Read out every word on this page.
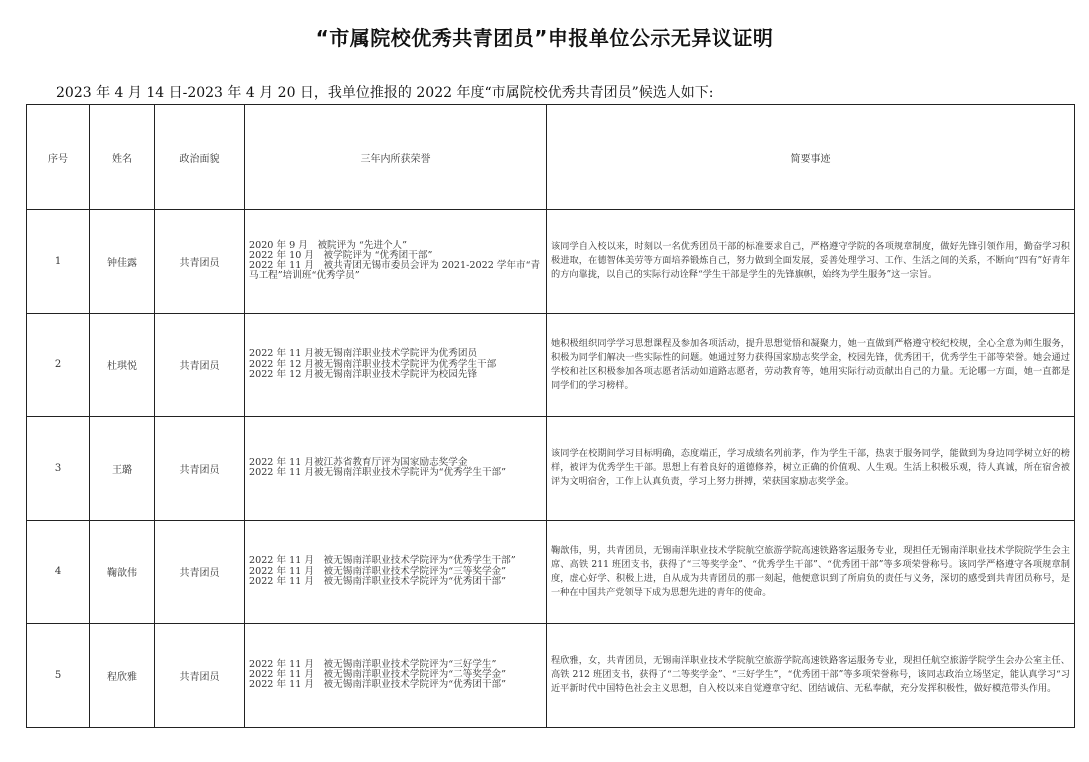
“市属院校优秀共青团员”申报单位公示无异议证明
2023 年 4 月 14 日-2023 年 4 月 20 日，我单位推报的 2022 年度“市属院校优秀共青团员”候选人如下:
序号	姓名	政治面貌	三年内所获荣誉	简要事迹
1	钟佳露	共青团员	2020 年 9 月　被院评为 “先进个人”
2022 年 10 月　被学院评为 “优秀团干部”
2022 年 11 月　被共青团无锡市委员会评为 2021-2022 学年市“青马工程”培训班“优秀学员”	该同学自入校以来，时刻以一名优秀团员干部的标准要求自己，严格遵守学院的各项规章制度，做好先锋引领作用，勤奋学习积极进取，在德智体美劳等方面培养锻炼自己，努力做到全面发展，妥善处理学习、工作、生活之间的关系，不断向“四有”好青年的方向靠拢，以自己的实际行动诠释“学生干部是学生的先锋旗帜，始终为学生服务”这一宗旨。
2	杜琪悦	共青团员	2022 年 11 月被无锡南洋职业技术学院评为优秀团员
2022 年 12 月被无锡南洋职业技术学院评为优秀学生干部
2022 年 12 月被无锡南洋职业技术学院评为校园先锋	她积极组织同学学习思想课程及参加各项活动，提升思想觉悟和凝聚力，她一直做到严格遵守校纪校规，全心全意为师生服务，积极为同学们解决一些实际性的问题。她通过努力获得国家励志奖学金，校园先锋，优秀团干，优秀学生干部等荣誉。她会通过学校和社区积极参加各项志愿者活动如道路志愿者，劳动教育等，她用实际行动贡献出自己的力量。无论哪一方面，她一直都是同学们的学习榜样。
3	王璐	共青团员	2022 年 11 月被江苏省教育厅评为国家励志奖学金
2022 年 11 月被无锡南洋职业技术学院评为“优秀学生干部”	该同学在校期间学习目标明确，态度端正，学习成绩名列前茅，作为学生干部，热衷于服务同学，能做到为身边同学树立好的榜样，被评为优秀学生干部。思想上有着良好的道德修养，树立正确的价值观、人生观。生活上积极乐观，待人真诚，所在宿舍被评为文明宿舍，工作上认真负责，学习上努力拼搏，荣获国家励志奖学金。
4	鞠歆伟	共青团员	2022 年 11 月　被无锡南洋职业技术学院评为“优秀学生干部”
2022 年 11 月　被无锡南洋职业技术学院评为“三等奖学金”
2022 年 11 月　被无锡南洋职业技术学院评为“优秀团干部”	鞠歆伟，男，共青团员，无锡南洋职业技术学院航空旅游学院高速铁路客运服务专业，现担任无锡南洋职业技术学院院学生会主席、高铁 211 班团支书，获得了“三等奖学金”、“优秀学生干部”、“优秀团干部”等多项荣誉称号。该同学严格遵守各项规章制度，虚心好学、积极上进，自从成为共青团员的那一刻起，他便意识到了所肩负的责任与义务，深切的感受到共青团员称号，是一种在中国共产党领导下成为思想先进的青年的使命。
5	程欣雅	共青团员	2022 年 11 月　被无锡南洋职业技术学院评为“三好学生”
2022 年 11 月　被无锡南洋职业技术学院评为“二等奖学金”
2022 年 11 月　被无锡南洋职业技术学院评为“优秀团干部”	程欣雅，女，共青团员，无锡南洋职业技术学院航空旅游学院高速铁路客运服务专业，现担任航空旅游学院学生会办公室主任、高铁 212 班团支书，获得了“二等奖学金”、“三好学生”，“优秀团干部”等多项荣誉称号，该同志政治立场坚定，能认真学习“习近平新时代中国特色社会主义思想，自入校以来自觉遵章守纪、团结诚信、无私奉献，充分发挥积极性，做好模范带头作用。
